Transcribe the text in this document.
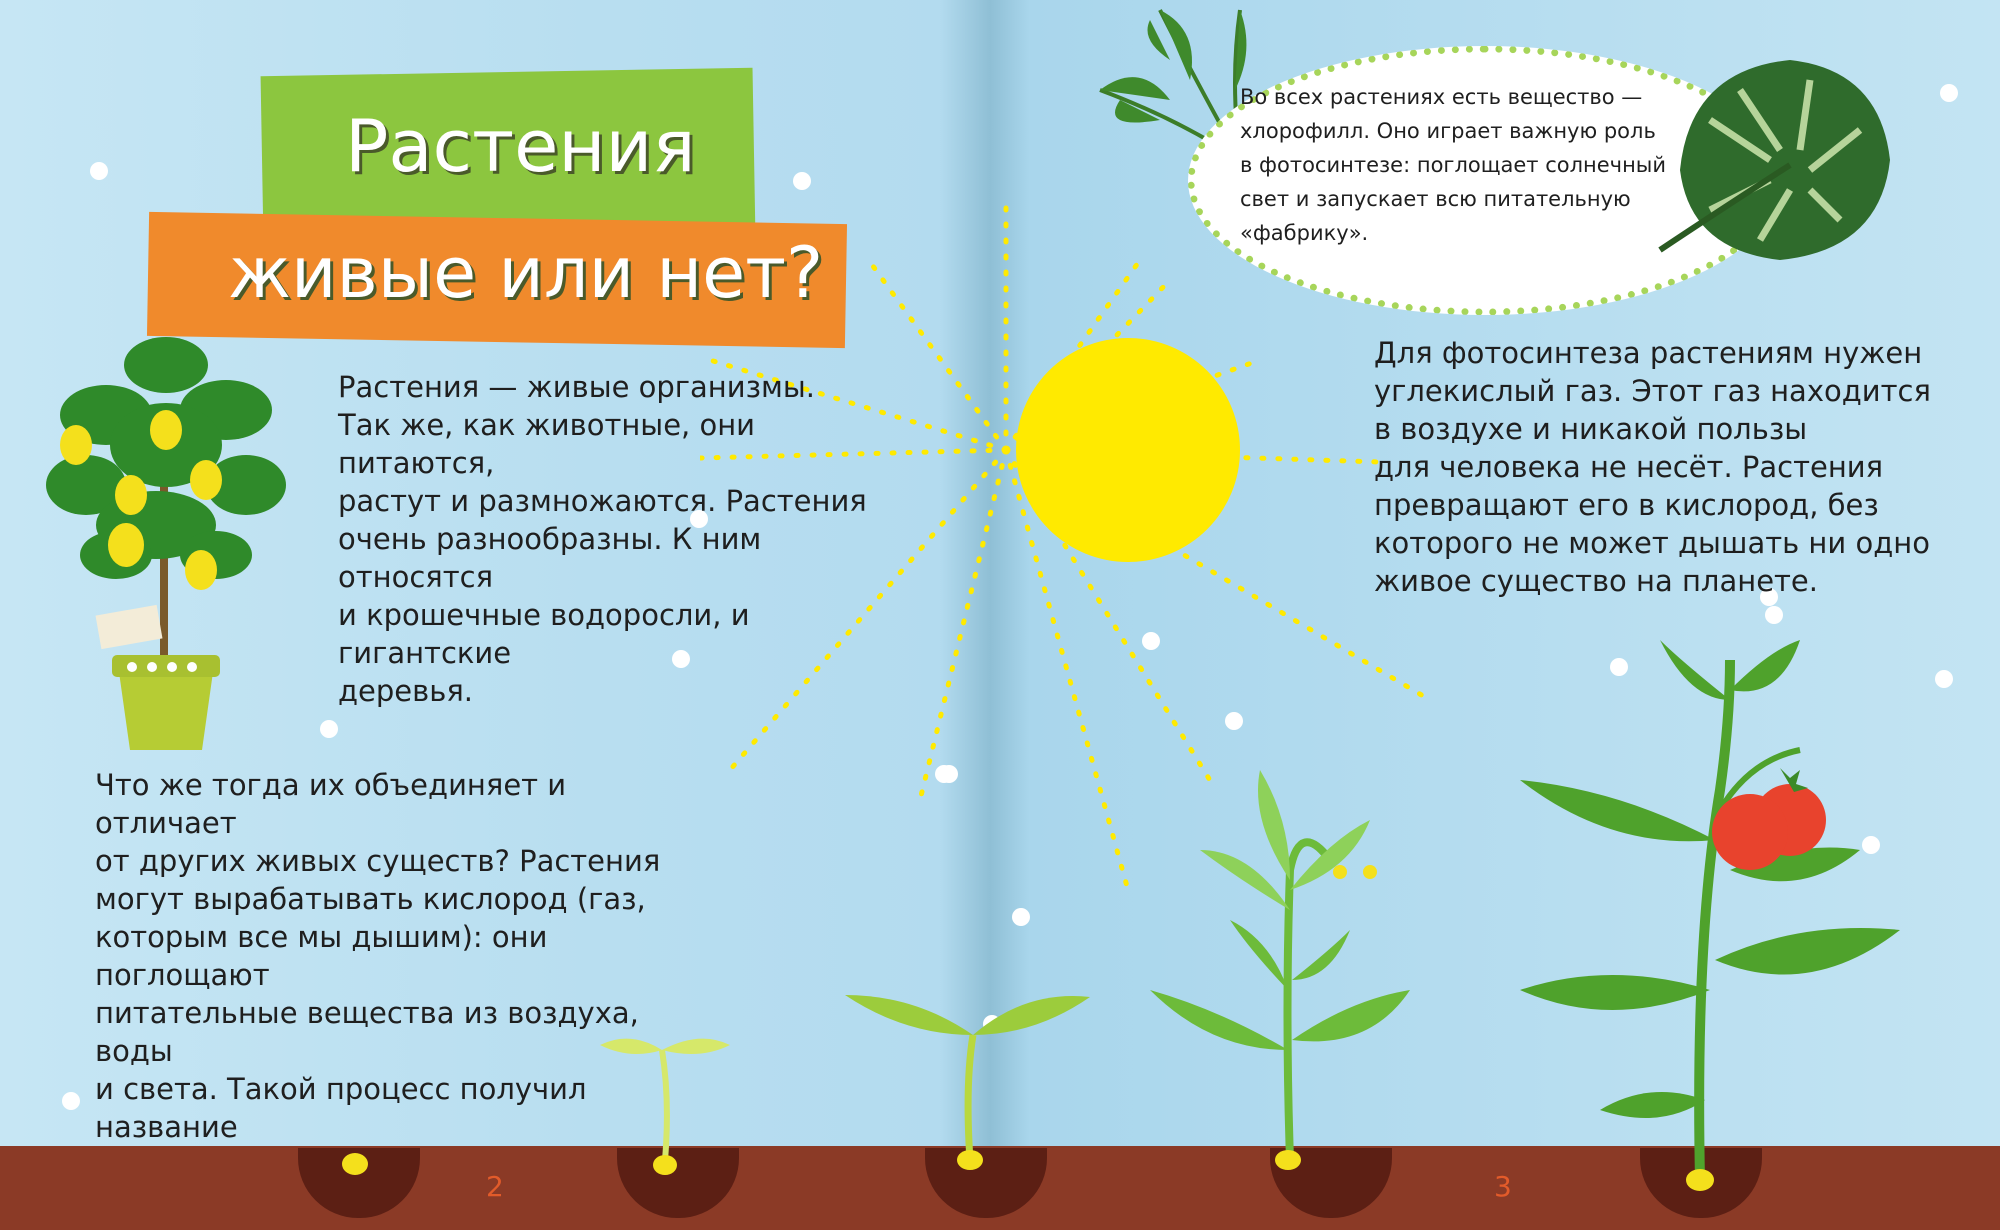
Растения
живые или нет?
Растения — живые организмы.
Так же, как животные, они питаются,
растут и размножаются. Растения
очень разнообразны. К ним относятся
и крошечные водоросли, и гигантские
деревья.
Что же тогда их объединяет и отличает
от других живых существ? Растения
могут вырабатывать кислород (газ,
которым все мы дышим): они поглощают
питательные вещества из воздуха, воды
и света. Такой процесс получил название
Во всех растениях есть вещество —
хлорофилл. Оно играет важную роль
в фотосинтезе: поглощает солнечный
свет и запускает всю питательную
«фабрику».
Для фотосинтеза растениям нужен
углекислый газ. Этот газ находится
в воздухе и никакой пользы
для человека не несёт. Растения
превращают его в кислород, без
которого не может дышать ни одно
живое существо на планете.
2	3
